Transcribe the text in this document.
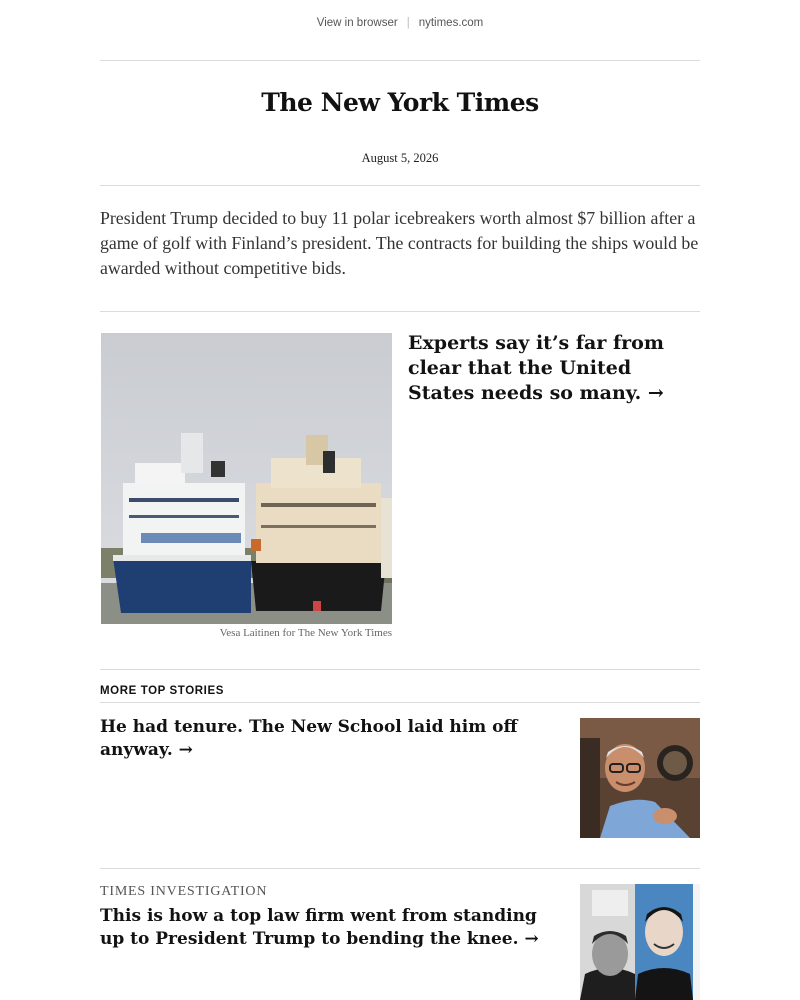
View in browser | nytimes.com
The New York Times
August 5, 2026
President Trump decided to buy 11 polar icebreakers worth almost $7 billion after a game of golf with Finland’s president. The contracts for building the ships would be awarded without competitive bids.
Vesa Laitinen for The New York Times
Experts say it’s far from clear that the United States needs so many. →
MORE TOP STORIES
He had tenure. The New School laid him off anyway. →
TIMES INVESTIGATION
This is how a top law firm went from standing up to President Trump to bending the knee. →
